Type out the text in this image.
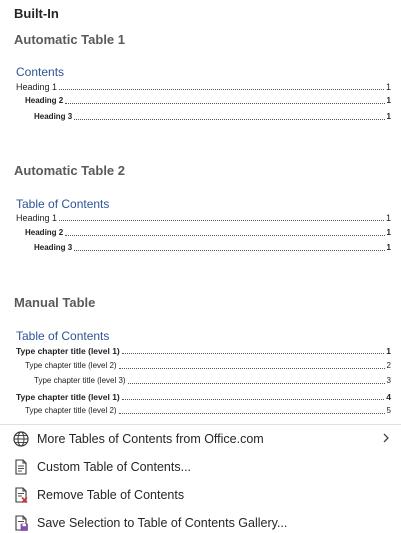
Built-In
Automatic Table 1
Contents
Heading 1	1
Heading 2	1
Heading 3	1
Automatic Table 2
Table of Contents
Heading 1	1
Heading 2	1
Heading 3	1
Manual Table
Table of Contents
Type chapter title (level 1)	1
Type chapter title (level 2)	2
Type chapter title (level 3)	3
Type chapter title (level 1)	4
Type chapter title (level 2)	5
More Tables of Contents from Office.com
Custom Table of Contents...
Remove Table of Contents
Save Selection to Table of Contents Gallery...
